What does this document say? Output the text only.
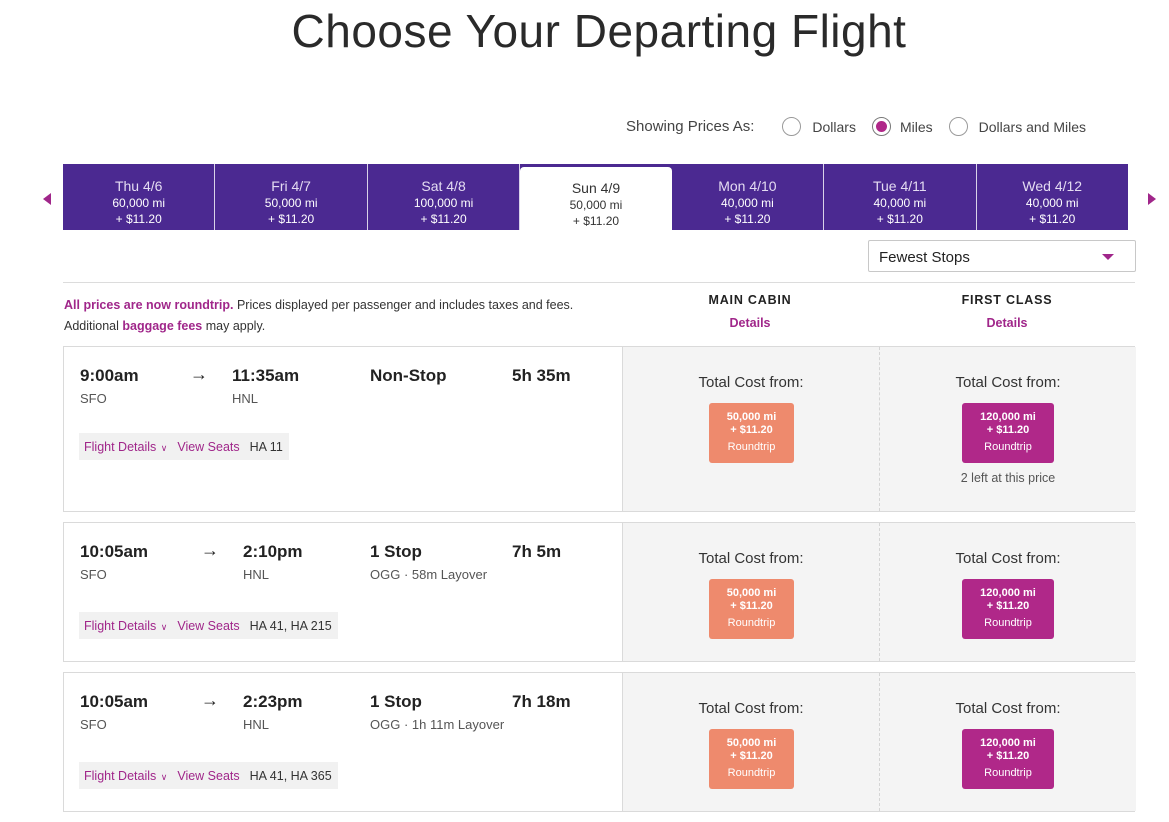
Choose Your Departing Flight
Showing Prices As:	Dollars	Miles	Dollars and Miles
Thu 4/6
60,000 mi
+ $11.20
Fri 4/7
50,000 mi
+ $11.20
Sat 4/8
100,000 mi
+ $11.20
Sun 4/9
50,000 mi
+ $11.20
Mon 4/10
40,000 mi
+ $11.20
Tue 4/11
40,000 mi
+ $11.20
Wed 4/12
40,000 mi
+ $11.20
Fewest Stops
All prices are now roundtrip. Prices displayed per passenger and includes taxes and fees.
Additional baggage fees may apply.
MAIN CABIN
Details
FIRST CLASS
Details
9:00am
SFO
→ 11:35am
HNL
Non-Stop	5h 35m
Flight Details ∨ View Seats HA 11
Total Cost from:
50,000 mi
+ $11.20
Roundtrip
Total Cost from:
120,000 mi
+ $11.20
Roundtrip
2 left at this price
10:05am
SFO
→ 2:10pm
HNL
1 Stop
OGG · 58m Layover
7h 5m
Flight Details ∨ View Seats HA 41, HA 215
Total Cost from:
50,000 mi
+ $11.20
Roundtrip
Total Cost from:
120,000 mi
+ $11.20
Roundtrip
10:05am
SFO
→ 2:23pm
HNL
1 Stop
OGG · 1h 11m Layover
7h 18m
Flight Details ∨ View Seats HA 41, HA 365
Total Cost from:
50,000 mi
+ $11.20
Roundtrip
Total Cost from:
120,000 mi
+ $11.20
Roundtrip
